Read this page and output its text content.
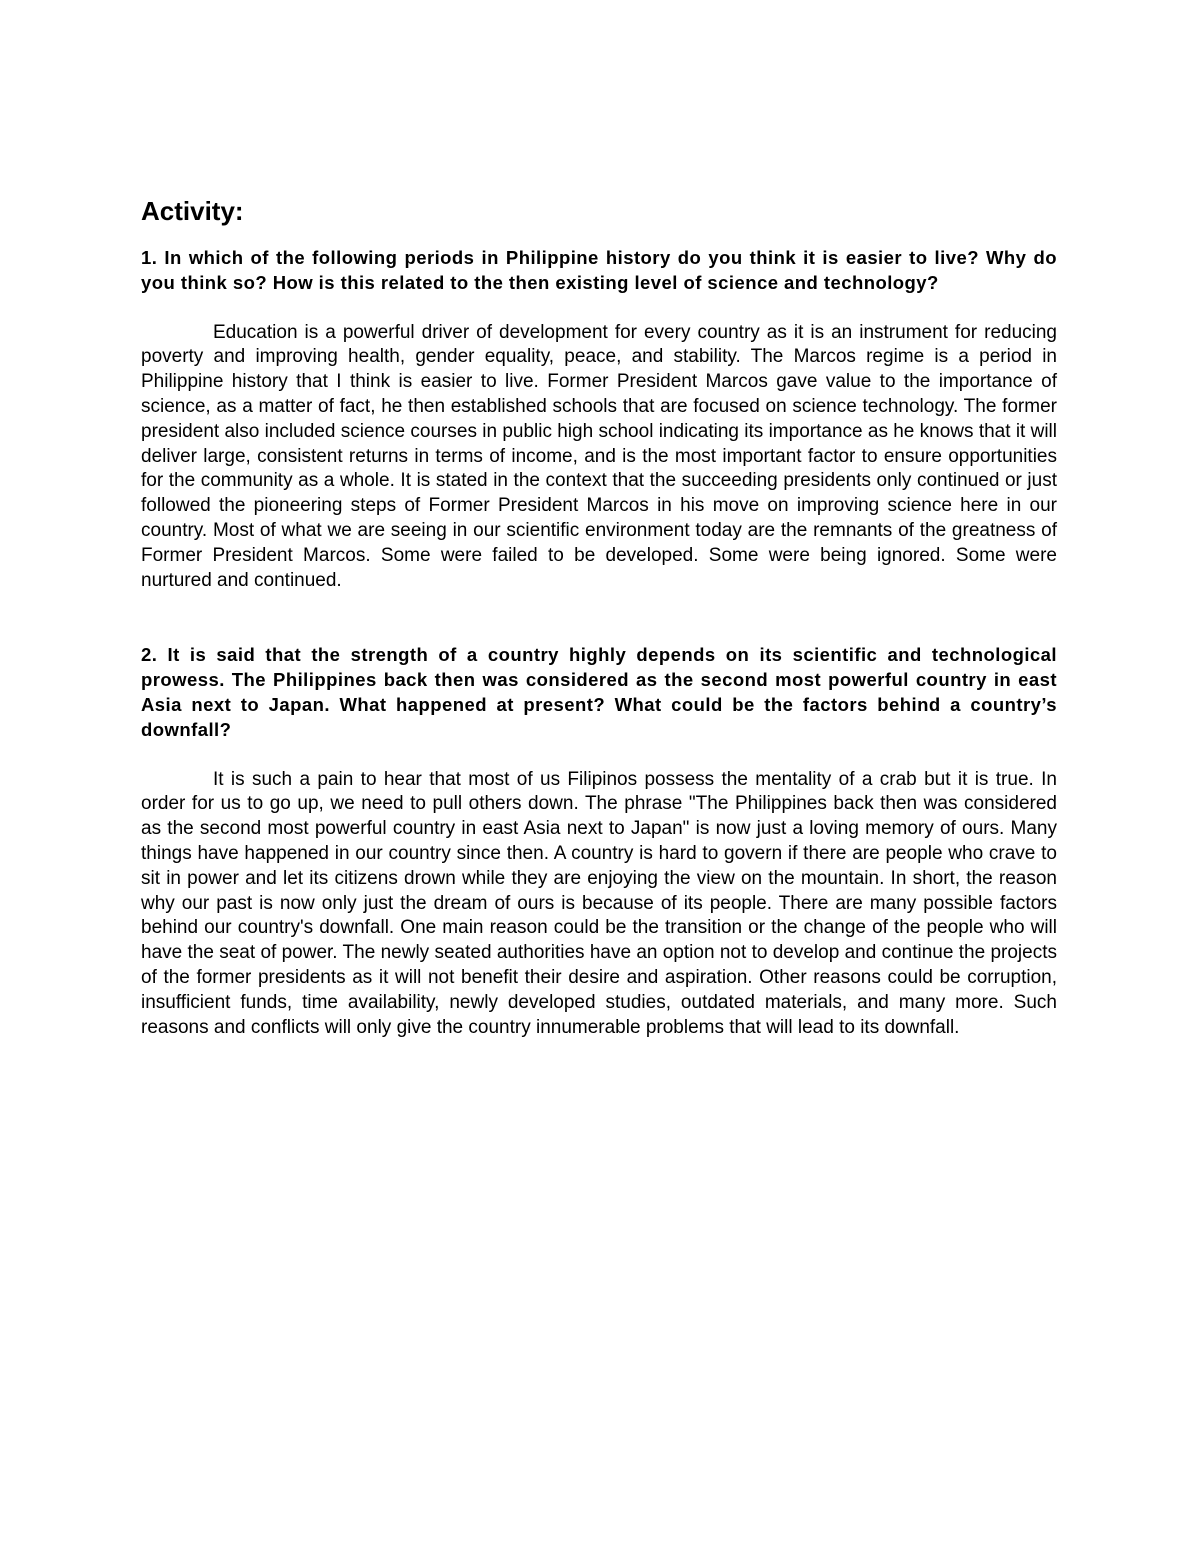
Activity:

1. In which of the following periods in Philippine history do you think it is easier to live? Why do you think so? How is this related to the then existing level of science and technology?

Education is a powerful driver of development for every country as it is an instrument for reducing poverty and improving health, gender equality, peace, and stability. The Marcos regime is a period in Philippine history that I think is easier to live. Former President Marcos gave value to the importance of science, as a matter of fact, he then established schools that are focused on science technology. The former president also included science courses in public high school indicating its importance as he knows that it will deliver large, consistent returns in terms of income, and is the most important factor to ensure opportunities for the community as a whole. It is stated in the context that the succeeding presidents only continued or just followed the pioneering steps of Former President Marcos in his move on improving science here in our country. Most of what we are seeing in our scientific environment today are the remnants of the greatness of Former President Marcos. Some were failed to be developed. Some were being ignored. Some were nurtured and continued.

2. It is said that the strength of a country highly depends on its scientific and technological prowess. The Philippines back then was considered as the second most powerful country in east Asia next to Japan. What happened at present? What could be the factors behind a country’s downfall?

It is such a pain to hear that most of us Filipinos possess the mentality of a crab but it is true. In order for us to go up, we need to pull others down. The phrase "The Philippines back then was considered as the second most powerful country in east Asia next to Japan" is now just a loving memory of ours. Many things have happened in our country since then. A country is hard to govern if there are people who crave to sit in power and let its citizens drown while they are enjoying the view on the mountain. In short, the reason why our past is now only just the dream of ours is because of its people. There are many possible factors behind our country's downfall. One main reason could be the transition or the change of the people who will have the seat of power. The newly seated authorities have an option not to develop and continue the projects of the former presidents as it will not benefit their desire and aspiration. Other reasons could be corruption, insufficient funds, time availability, newly developed studies, outdated materials, and many more. Such reasons and conflicts will only give the country innumerable problems that will lead to its downfall.
